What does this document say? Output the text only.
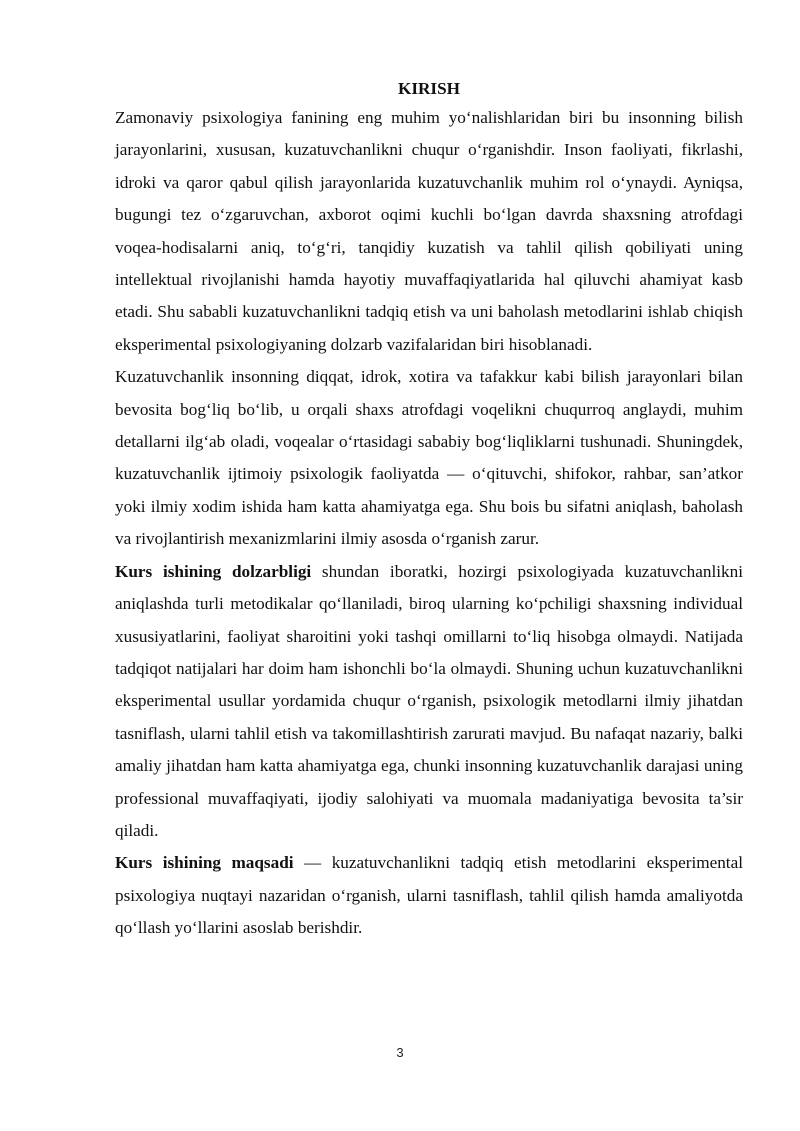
KIRISH

Zamonaviy psixologiya fanining eng muhim yo‘nalishlaridan biri bu insonning bilish jarayonlarini, xususan, kuzatuvchanlikni chuqur o‘rganishdir. Inson faoliyati, fikrlashi, idroki va qaror qabul qilish jarayonlarida kuzatuvchanlik muhim rol o‘ynaydi. Ayniqsa, bugungi tez o‘zgaruvchan, axborot oqimi kuchli bo‘lgan davrda shaxsning atrofdagi voqea-hodisalarni aniq, to‘g‘ri, tanqidiy kuzatish va tahlil qilish qobiliyati uning intellektual rivojlanishi hamda hayotiy muvaffaqiyatlarida hal qiluvchi ahamiyat kasb etadi. Shu sababli kuzatuvchanlikni tadqiq etish va uni baholash metodlarini ishlab chiqish eksperimental psixologiyaning dolzarb vazifalaridan biri hisoblanadi.

Kuzatuvchanlik insonning diqqat, idrok, xotira va tafakkur kabi bilish jarayonlari bilan bevosita bog‘liq bo‘lib, u orqali shaxs atrofdagi voqelikni chuqurroq anglaydi, muhim detallarni ilg‘ab oladi, voqealar o‘rtasidagi sababiy bog‘liqliklarni tushunadi. Shuningdek, kuzatuvchanlik ijtimoiy psixologik faoliyatda — o‘qituvchi, shifokor, rahbar, san’atkor yoki ilmiy xodim ishida ham katta ahamiyatga ega. Shu bois bu sifatni aniqlash, baholash va rivojlantirish mexanizmlarini ilmiy asosda o‘rganish zarur.

Kurs ishining dolzarbligi shundan iboratki, hozirgi psixologiyada kuzatuvchanlikni aniqlashda turli metodikalar qo‘llaniladi, biroq ularning ko‘pchiligi shaxsning individual xususiyatlarini, faoliyat sharoitini yoki tashqi omillarni to‘liq hisobga olmaydi. Natijada tadqiqot natijalari har doim ham ishonchli bo‘la olmaydi. Shuning uchun kuzatuvchanlikni eksperimental usullar yordamida chuqur o‘rganish, psixologik metodlarni ilmiy jihatdan tasniflash, ularni tahlil etish va takomillashtirish zarurati mavjud. Bu nafaqat nazariy, balki amaliy jihatdan ham katta ahamiyatga ega, chunki insonning kuzatuvchanlik darajasi uning professional muvaffaqiyati, ijodiy salohiyati va muomala madaniyatiga bevosita ta’sir qiladi.

Kurs ishining maqsadi — kuzatuvchanlikni tadqiq etish metodlarini eksperimental psixologiya nuqtayi nazaridan o‘rganish, ularni tasniflash, tahlil qilish hamda amaliyotda qo‘llash yo‘llarini asoslab berishdir.

3
